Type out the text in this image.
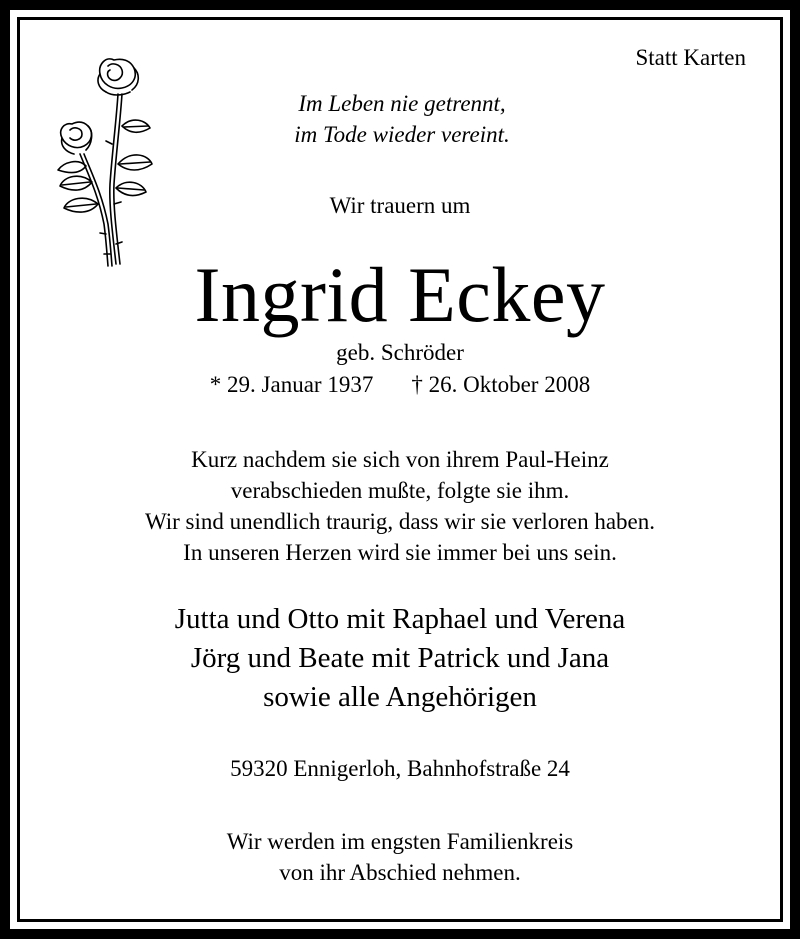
Statt Karten
Im Leben nie getrennt,
im Tode wieder vereint.
Wir trauern um
Ingrid Eckey
geb. Schröder
* 29. Januar 1937 † 26. Oktober 2008
Kurz nachdem sie sich von ihrem Paul-Heinz
verabschieden mußte, folgte sie ihm.
Wir sind unendlich traurig, dass wir sie verloren haben.
In unseren Herzen wird sie immer bei uns sein.
Jutta und Otto mit Raphael und Verena
Jörg und Beate mit Patrick und Jana
sowie alle Angehörigen
59320 Ennigerloh, Bahnhofstraße 24
Wir werden im engsten Familienkreis
von ihr Abschied nehmen.
